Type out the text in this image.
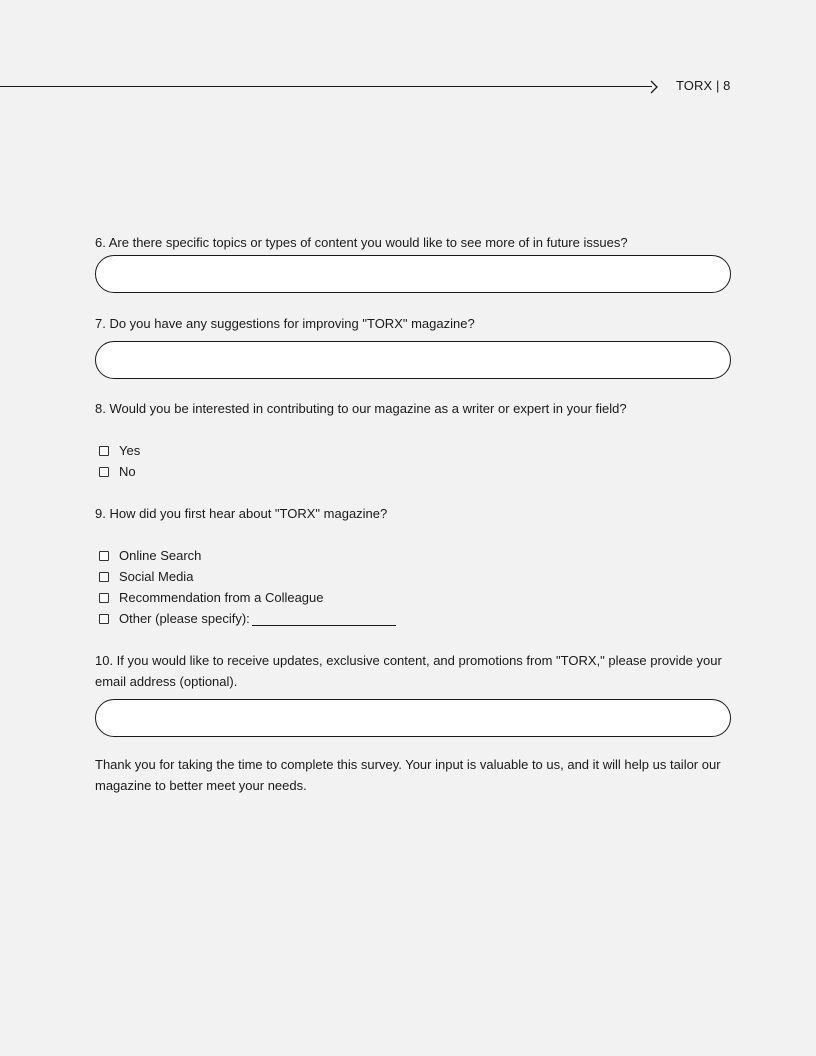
TORX | 8

6. Are there specific topics or types of content you would like to see more of in future issues?

7. Do you have any suggestions for improving "TORX" magazine?

8. Would you be interested in contributing to our magazine as a writer or expert in your field?

Yes
No

9. How did you first hear about "TORX" magazine?

Online Search
Social Media
Recommendation from a Colleague
Other (please specify):

10. If you would like to receive updates, exclusive content, and promotions from "TORX," please provide your email address (optional).

Thank you for taking the time to complete this survey. Your input is valuable to us, and it will help us tailor our magazine to better meet your needs.
